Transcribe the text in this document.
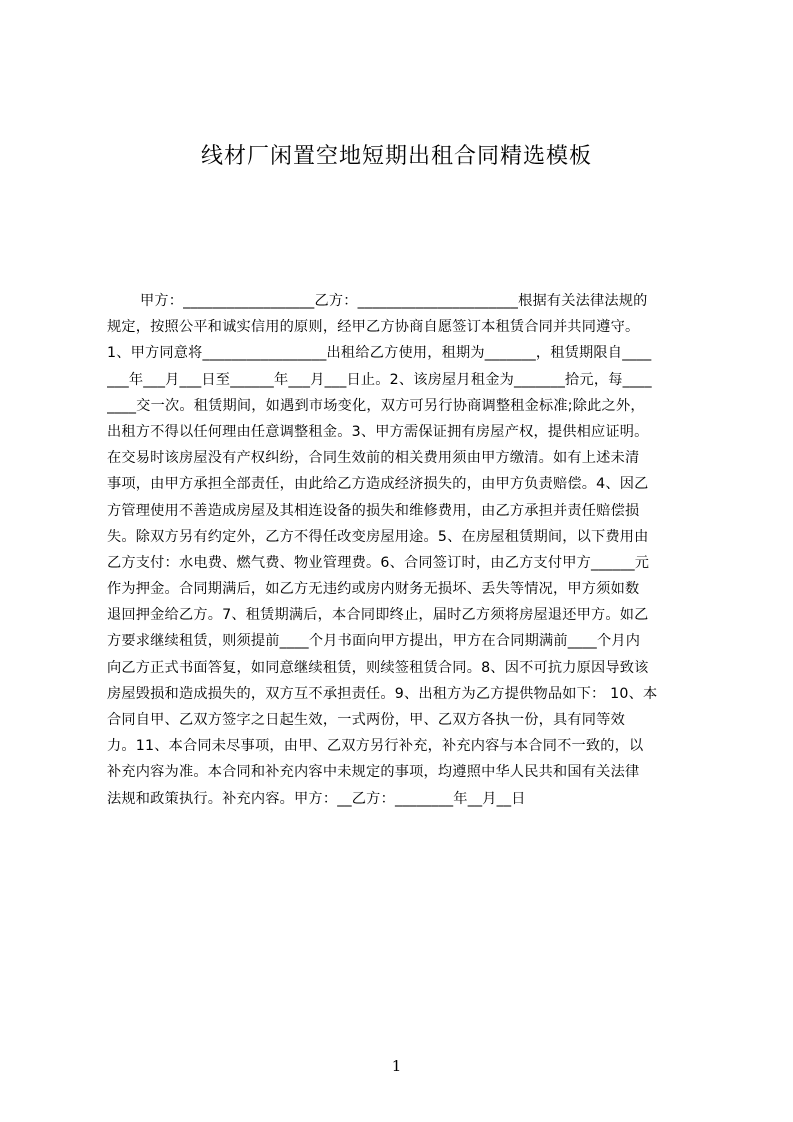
线材厂闲置空地短期出租合同精选模板
甲方：__________________乙方：______________________根据有关法律法规的
规定，按照公平和诚实信用的原则，经甲乙方协商自愿签订本租赁合同并共同遵守。
1、甲方同意将_________________出租给乙方使用，租期为_______，租赁期限自____
___年___月___日至______年___月___日止。2、该房屋月租金为_______拾元，每____
____交一次。租赁期间，如遇到市场变化，双方可另行协商调整租金标准;除此之外，
出租方不得以任何理由任意调整租金。3、甲方需保证拥有房屋产权，提供相应证明。
在交易时该房屋没有产权纠纷，合同生效前的相关费用须由甲方缴清。如有上述未清
事项，由甲方承担全部责任，由此给乙方造成经济损失的，由甲方负责赔偿。4、因乙
方管理使用不善造成房屋及其相连设备的损失和维修费用，由乙方承担并责任赔偿损
失。除双方另有约定外，乙方不得任改变房屋用途。5、在房屋租赁期间，以下费用由
乙方支付：水电费、燃气费、物业管理费。6、合同签订时，由乙方支付甲方______元
作为押金。合同期满后，如乙方无违约或房内财务无损坏、丢失等情况，甲方须如数
退回押金给乙方。7、租赁期满后，本合同即终止，届时乙方须将房屋退还甲方。如乙
方要求继续租赁，则须提前____个月书面向甲方提出，甲方在合同期满前____个月内
向乙方正式书面答复，如同意继续租赁，则续签租赁合同。8、因不可抗力原因导致该
房屋毁损和造成损失的，双方互不承担责任。9、出租方为乙方提供物品如下： 10、本
合同自甲、乙双方签字之日起生效，一式两份，甲、乙双方各执一份，具有同等效
力。11、本合同未尽事项，由甲、乙双方另行补充，补充内容与本合同不一致的，以
补充内容为准。本合同和补充内容中未规定的事项，均遵照中华人民共和国有关法律
法规和政策执行。补充内容。甲方：__乙方：________年__月__日
1
